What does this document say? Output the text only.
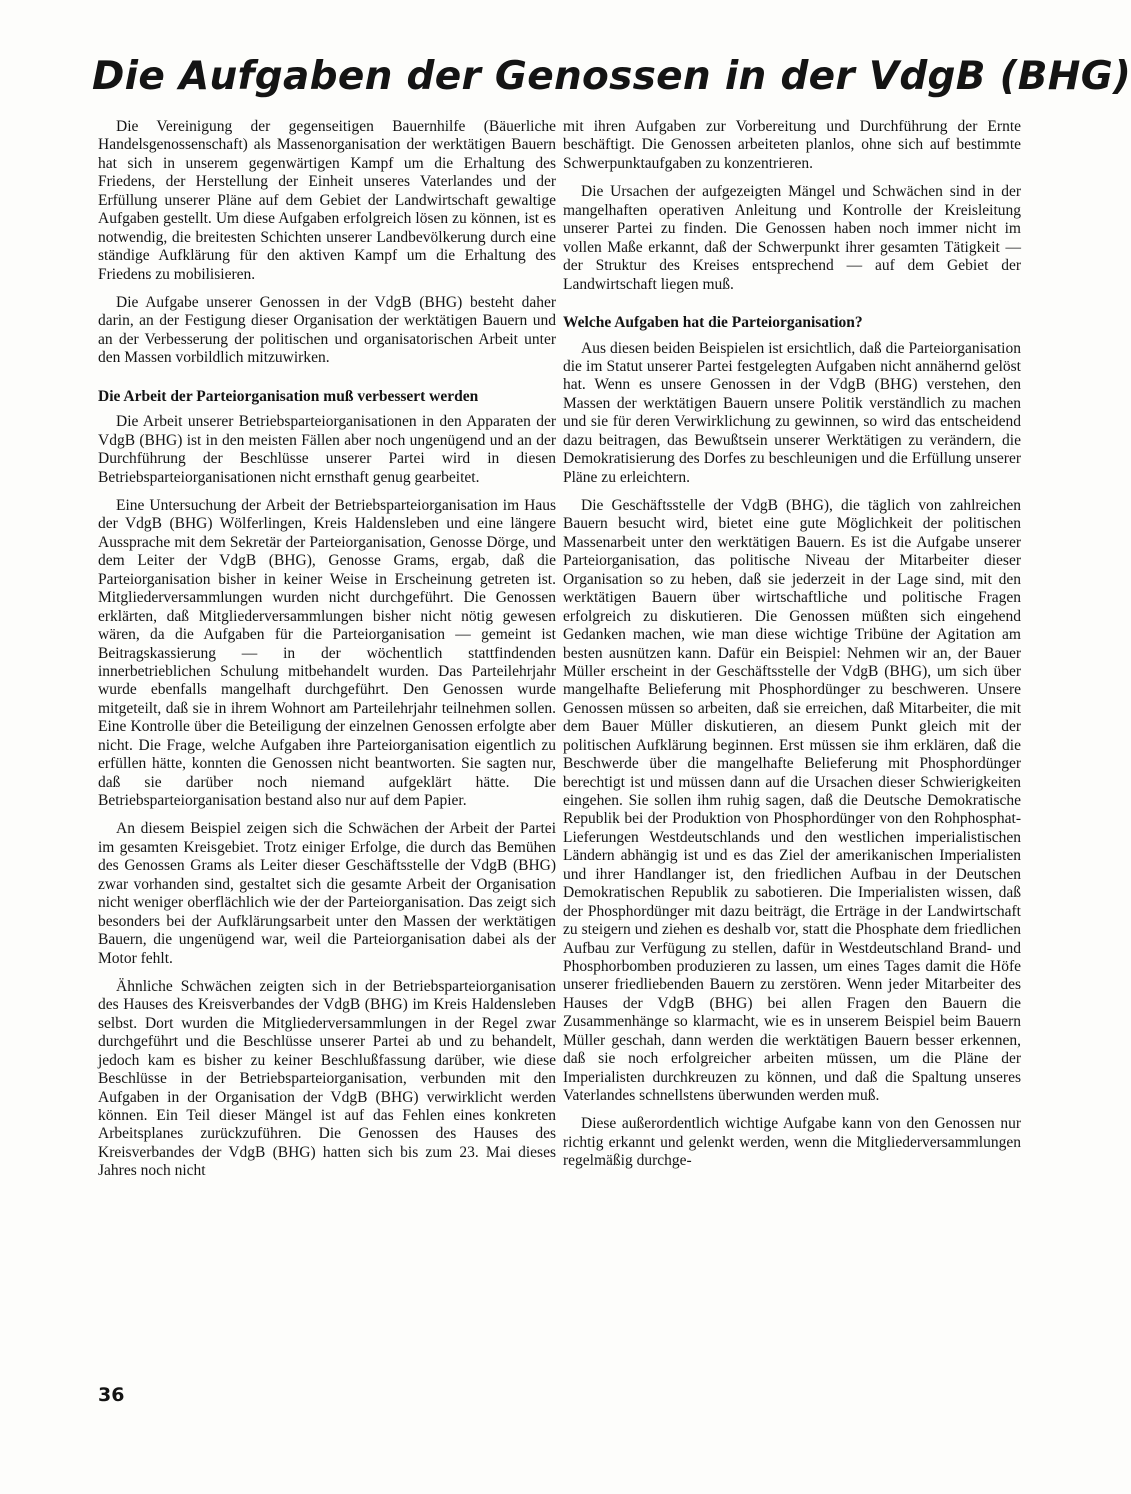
Die Aufgaben der Genossen in der VdgB (BHG)

Die Vereinigung der gegenseitigen Bauernhilfe (Bäuerliche Handelsgenossenschaft) als Massenorganisation der werktätigen Bauern hat sich in unserem gegenwärtigen Kampf um die Erhaltung des Friedens, der Herstellung der Einheit unseres Vaterlandes und der Erfüllung unserer Pläne auf dem Gebiet der Landwirtschaft gewaltige Aufgaben gestellt. Um diese Aufgaben erfolgreich lösen zu können, ist es notwendig, die breitesten Schichten unserer Landbevölkerung durch eine ständige Aufklärung für den aktiven Kampf um die Erhaltung des Friedens zu mobilisieren.

Die Aufgabe unserer Genossen in der VdgB (BHG) besteht daher darin, an der Festigung dieser Organisation der werktätigen Bauern und an der Verbesserung der politischen und organisatorischen Arbeit unter den Massen vorbildlich mitzuwirken.

Die Arbeit der Parteiorganisation muß verbessert werden

Die Arbeit unserer Betriebsparteiorganisationen in den Apparaten der VdgB (BHG) ist in den meisten Fällen aber noch ungenügend und an der Durchführung der Beschlüsse unserer Partei wird in diesen Betriebsparteiorganisationen nicht ernsthaft genug gearbeitet.

Eine Untersuchung der Arbeit der Betriebsparteiorganisation im Haus der VdgB (BHG) Wölferlingen, Kreis Haldensleben und eine längere Aussprache mit dem Sekretär der Parteiorganisation, Genosse Dörge, und dem Leiter der VdgB (BHG), Genosse Grams, ergab, daß die Parteiorganisation bisher in keiner Weise in Erscheinung getreten ist. Mitgliederversammlungen wurden nicht durchgeführt. Die Genossen erklärten, daß Mitgliederversammlungen bisher nicht nötig gewesen wären, da die Aufgaben für die Parteiorganisation — gemeint ist Beitragskassierung — in der wöchentlich stattfindenden innerbetrieblichen Schulung mitbehandelt wurden. Das Parteilehrjahr wurde ebenfalls mangelhaft durchgeführt. Den Genossen wurde mitgeteilt, daß sie in ihrem Wohnort am Parteilehrjahr teilnehmen sollen. Eine Kontrolle über die Beteiligung der einzelnen Genossen erfolgte aber nicht. Die Frage, welche Aufgaben ihre Parteiorganisation eigentlich zu erfüllen hätte, konnten die Genossen nicht beantworten. Sie sagten nur, daß sie darüber noch niemand aufgeklärt hätte. Die Betriebsparteiorganisation bestand also nur auf dem Papier.

An diesem Beispiel zeigen sich die Schwächen der Arbeit der Partei im gesamten Kreisgebiet. Trotz einiger Erfolge, die durch das Bemühen des Genossen Grams als Leiter dieser Geschäftsstelle der VdgB (BHG) zwar vorhanden sind, gestaltet sich die gesamte Arbeit der Organisation nicht weniger oberflächlich wie der der Parteiorganisation. Das zeigt sich besonders bei der Aufklärungsarbeit unter den Massen der werktätigen Bauern, die ungenügend war, weil die Parteiorganisation dabei als der Motor fehlt.

Ähnliche Schwächen zeigten sich in der Betriebsparteiorganisation des Hauses des Kreisverbandes der VdgB (BHG) im Kreis Haldensleben selbst. Dort wurden die Mitgliederversammlungen in der Regel zwar durchgeführt und die Beschlüsse unserer Partei ab und zu behandelt, jedoch kam es bisher zu keiner Beschlußfassung darüber, wie diese Beschlüsse in der Betriebsparteiorganisation, verbunden mit den Aufgaben in der Organisation der VdgB (BHG) verwirklicht werden können. Ein Teil dieser Mängel ist auf das Fehlen eines konkreten Arbeitsplanes zurückzuführen. Die Genossen des Hauses des Kreisverbandes der VdgB (BHG) hatten sich bis zum 23. Mai dieses Jahres noch nicht

mit ihren Aufgaben zur Vorbereitung und Durchführung der Ernte beschäftigt. Die Genossen arbeiteten planlos, ohne sich auf bestimmte Schwerpunktaufgaben zu konzentrieren.

Die Ursachen der aufgezeigten Mängel und Schwächen sind in der mangelhaften operativen Anleitung und Kontrolle der Kreisleitung unserer Partei zu finden. Die Genossen haben noch immer nicht im vollen Maße erkannt, daß der Schwerpunkt ihrer gesamten Tätigkeit — der Struktur des Kreises entsprechend — auf dem Gebiet der Landwirtschaft liegen muß.

Welche Aufgaben hat die Parteiorganisation?

Aus diesen beiden Beispielen ist ersichtlich, daß die Parteiorganisation die im Statut unserer Partei festgelegten Aufgaben nicht annähernd gelöst hat. Wenn es unsere Genossen in der VdgB (BHG) verstehen, den Massen der werktätigen Bauern unsere Politik verständlich zu machen und sie für deren Verwirklichung zu gewinnen, so wird das entscheidend dazu beitragen, das Bewußtsein unserer Werktätigen zu verändern, die Demokratisierung des Dorfes zu beschleunigen und die Erfüllung unserer Pläne zu erleichtern.

Die Geschäftsstelle der VdgB (BHG), die täglich von zahlreichen Bauern besucht wird, bietet eine gute Möglichkeit der politischen Massenarbeit unter den werktätigen Bauern. Es ist die Aufgabe unserer Parteiorganisation, das politische Niveau der Mitarbeiter dieser Organisation so zu heben, daß sie jederzeit in der Lage sind, mit den werktätigen Bauern über wirtschaftliche und politische Fragen erfolgreich zu diskutieren. Die Genossen müßten sich eingehend Gedanken machen, wie man diese wichtige Tribüne der Agitation am besten ausnützen kann. Dafür ein Beispiel: Nehmen wir an, der Bauer Müller erscheint in der Geschäftsstelle der VdgB (BHG), um sich über mangelhafte Belieferung mit Phosphordünger zu beschweren. Unsere Genossen müssen so arbeiten, daß sie erreichen, daß Mitarbeiter, die mit dem Bauer Müller diskutieren, an diesem Punkt gleich mit der politischen Aufklärung beginnen. Erst müssen sie ihm erklären, daß die Beschwerde über die mangelhafte Belieferung mit Phosphordünger berechtigt ist und müssen dann auf die Ursachen dieser Schwierigkeiten eingehen. Sie sollen ihm ruhig sagen, daß die Deutsche Demokratische Republik bei der Produktion von Phosphordünger von den Rohphosphat-Lieferungen Westdeutschlands und den westlichen imperialistischen Ländern abhängig ist und es das Ziel der amerikanischen Imperialisten und ihrer Handlanger ist, den friedlichen Aufbau in der Deutschen Demokratischen Republik zu sabotieren. Die Imperialisten wissen, daß der Phosphordünger mit dazu beiträgt, die Erträge in der Landwirtschaft zu steigern und ziehen es deshalb vor, statt die Phosphate dem friedlichen Aufbau zur Verfügung zu stellen, dafür in Westdeutschland Brand- und Phosphorbomben produzieren zu lassen, um eines Tages damit die Höfe unserer friedliebenden Bauern zu zerstören. Wenn jeder Mitarbeiter des Hauses der VdgB (BHG) bei allen Fragen den Bauern die Zusammenhänge so klarmacht, wie es in unserem Beispiel beim Bauern Müller geschah, dann werden die werktätigen Bauern besser erkennen, daß sie noch erfolgreicher arbeiten müssen, um die Pläne der Imperialisten durchkreuzen zu können, und daß die Spaltung unseres Vaterlandes schnellstens überwunden werden muß.

Diese außerordentlich wichtige Aufgabe kann von den Genossen nur richtig erkannt und gelenkt werden, wenn die Mitgliederversammlungen regelmäßig durchge-

36
